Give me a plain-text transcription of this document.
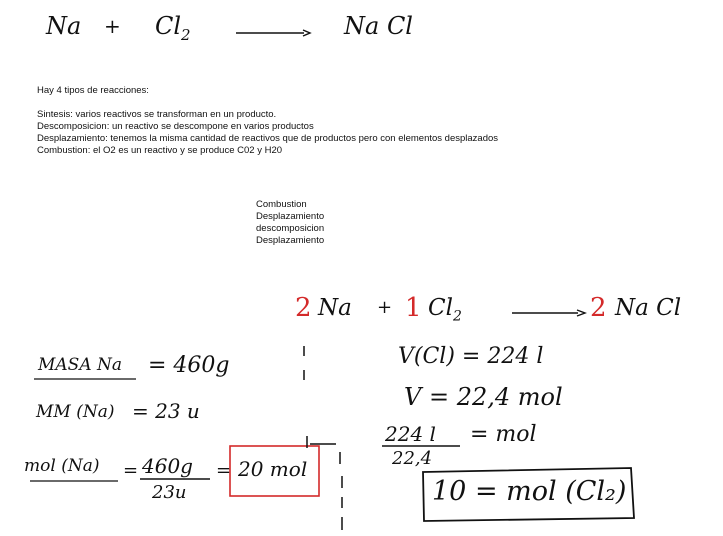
$Na + Cl_2$	Na Cl
Hay 4 tipos de reacciones:
Sintesis: varios reactivos se transforman en un producto.
Descomposicion: un reactivo se descompone en varios productos
Desplazamiento: tenemos la misma cantidad de reactivos que de productos pero con elementos desplazados
Combustion: el O2 es un reactivo y se produce C02 y H20
Combustion
Desplazamiento
descomposicion
Desplazamiento
2 Na + 1 $Cl_2$	2 Na Cl
MASA Na = 460g
MM (Na) = 23 u
mol (Na) = 460g
23u
= 20 mol
V(Cl) = 224 l
V = 22,4 mol
224 l = mol
22,4
10 = mol (Cl₂)
